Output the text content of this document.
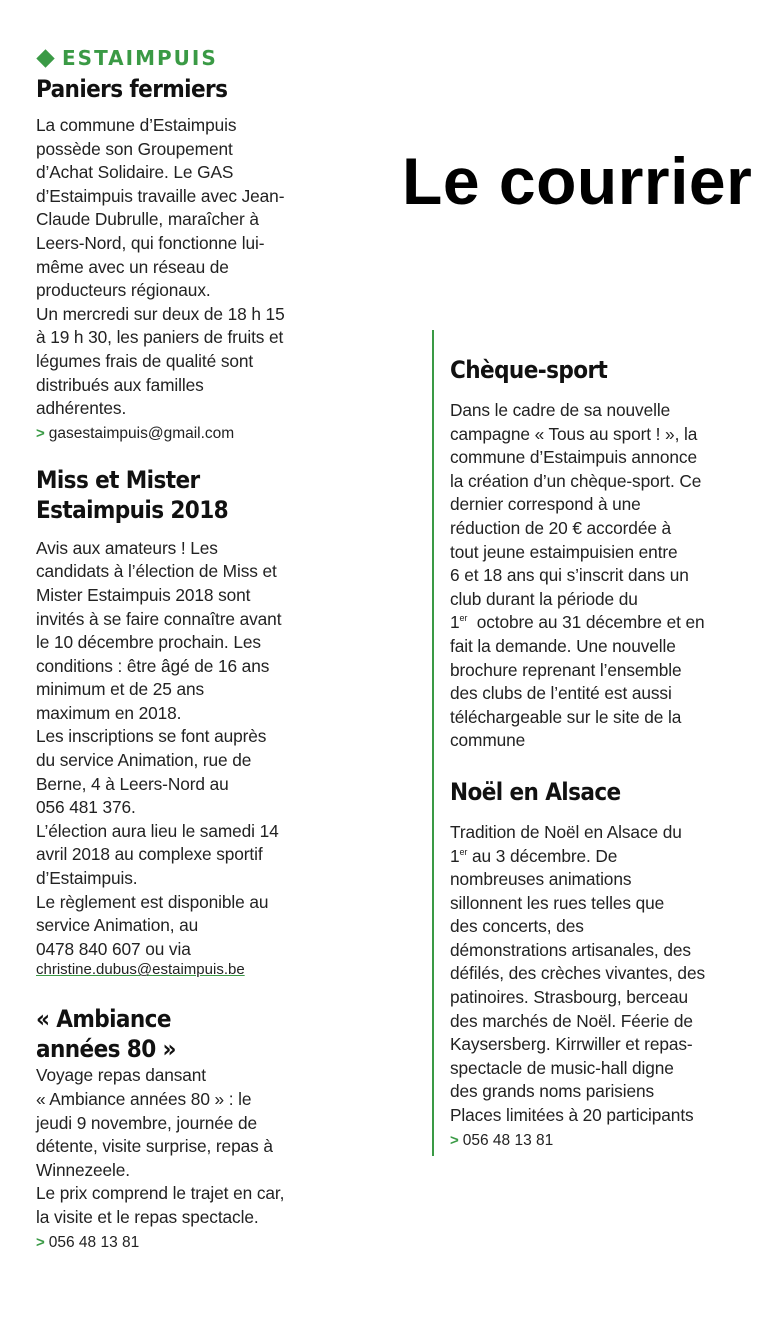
Le courrier
ESTAIMPUIS
Paniers fermiers

La commune d’Estaimpuis

possède son Groupement

d’Achat Solidaire. Le GAS

d’Estaimpuis travaille avec Jean-

Claude Dubrulle, maraîcher à

Leers-Nord, qui fonctionne lui-

même avec un réseau de

producteurs régionaux.

Un mercredi sur deux de 18 h 15

à 19 h 30, les paniers de fruits et

légumes frais de qualité sont

distribués aux familles

adhérentes.

> gasestaimpuis@gmail.com
Miss et Mister
Estaimpuis 2018

Avis aux amateurs ! Les

candidats à l’élection de Miss et

Mister Estaimpuis 2018 sont

invités à se faire connaître avant

le 10 décembre prochain. Les

conditions : être âgé de 16 ans

minimum et de 25 ans

maximum en 2018.

Les inscriptions se font auprès

du service Animation, rue de

Berne, 4 à Leers-Nord au

056 481 376.

L’élection aura lieu le samedi 14

avril 2018 au complexe sportif

d’Estaimpuis.

Le règlement est disponible au

service Animation, au

0478 840 607 ou via

christine.dubus@estaimpuis.be
« Ambiance
années 80 »

Voyage repas dansant

« Ambiance années 80 » : le

jeudi 9 novembre, journée de

détente, visite surprise, repas à

Winnezeele.

Le prix comprend le trajet en car,

la visite et le repas spectacle.

> 056 48 13 81
Chèque-sport

Dans le cadre de sa nouvelle

campagne « Tous au sport ! », la

commune d’Estaimpuis annonce

la création d’un chèque-sport. Ce

dernier correspond à une

réduction de 20 € accordée à

tout jeune estaimpuisien entre

6 et 18 ans qui s’inscrit dans un

club durant la période du

1er  octobre au 31 décembre et en

fait la demande. Une nouvelle

brochure reprenant l’ensemble

des clubs de l’entité est aussi

téléchargeable sur le site de la

commune

Noël en Alsace

Tradition de Noël en Alsace du

1er au 3 décembre. De

nombreuses animations

sillonnent les rues telles que

des concerts, des

démonstrations artisanales, des

défilés, des crèches vivantes, des

patinoires. Strasbourg, berceau

des marchés de Noël. Féerie de

Kaysersberg. Kirrwiller et repas-

spectacle de music-hall digne

des grands noms parisiens

Places limitées à 20 participants

> 056 48 13 81
